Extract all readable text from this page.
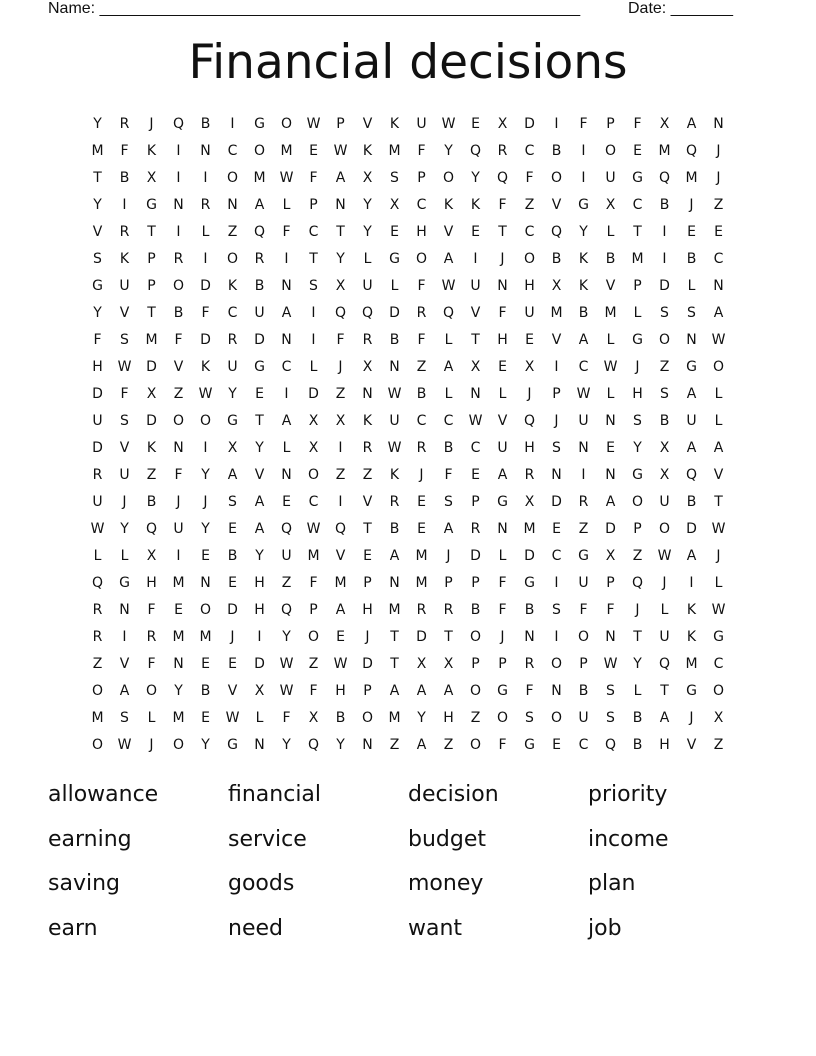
Name: ______________________________________________________	Date: _______
Financial decisions
Y	R	J	Q	B	I	G	O	W	P	V	K	U	W	E	X	D	I	F	P	F	X	A	N
M	F	K	I	N	C	O	M	E	W	K	M	F	Y	Q	R	C	B	I	O	E	M	Q	J
T	B	X	I	I	O	M	W	F	A	X	S	P	O	Y	Q	F	O	I	U	G	Q	M	J
Y	I	G	N	R	N	A	L	P	N	Y	X	C	K	K	F	Z	V	G	X	C	B	J	Z
V	R	T	I	L	Z	Q	F	C	T	Y	E	H	V	E	T	C	Q	Y	L	T	I	E	E
S	K	P	R	I	O	R	I	T	Y	L	G	O	A	I	J	O	B	K	B	M	I	B	C
G	U	P	O	D	K	B	N	S	X	U	L	F	W	U	N	H	X	K	V	P	D	L	N
Y	V	T	B	F	C	U	A	I	Q	Q	D	R	Q	V	F	U	M	B	M	L	S	S	A
F	S	M	F	D	R	D	N	I	F	R	B	F	L	T	H	E	V	A	L	G	O	N	W
H	W	D	V	K	U	G	C	L	J	X	N	Z	A	X	E	X	I	C	W	J	Z	G	O
D	F	X	Z	W	Y	E	I	D	Z	N	W	B	L	N	L	J	P	W	L	H	S	A	L
U	S	D	O	O	G	T	A	X	X	K	U	C	C	W	V	Q	J	U	N	S	B	U	L
D	V	K	N	I	X	Y	L	X	I	R	W	R	B	C	U	H	S	N	E	Y	X	A	A
R	U	Z	F	Y	A	V	N	O	Z	Z	K	J	F	E	A	R	N	I	N	G	X	Q	V
U	J	B	J	J	S	A	E	C	I	V	R	E	S	P	G	X	D	R	A	O	U	B	T
W	Y	Q	U	Y	E	A	Q	W	Q	T	B	E	A	R	N	M	E	Z	D	P	O	D	W
L	L	X	I	E	B	Y	U	M	V	E	A	M	J	D	L	D	C	G	X	Z	W	A	J
Q	G	H	M	N	E	H	Z	F	M	P	N	M	P	P	F	G	I	U	P	Q	J	I	L
R	N	F	E	O	D	H	Q	P	A	H	M	R	R	B	F	B	S	F	F	J	L	K	W
R	I	R	M	M	J	I	Y	O	E	J	T	D	T	O	J	N	I	O	N	T	U	K	G
Z	V	F	N	E	E	D	W	Z	W	D	T	X	X	P	P	R	O	P	W	Y	Q	M	C
O	A	O	Y	B	V	X	W	F	H	P	A	A	A	O	G	F	N	B	S	L	T	G	O
M	S	L	M	E	W	L	F	X	B	O	M	Y	H	Z	O	S	O	U	S	B	A	J	X
O	W	J	O	Y	G	N	Y	Q	Y	N	Z	A	Z	O	F	G	E	C	Q	B	H	V	Z
allowance	financial	decision	priority
earning	service	budget	income
saving	goods	money	plan
earn	need	want	job
